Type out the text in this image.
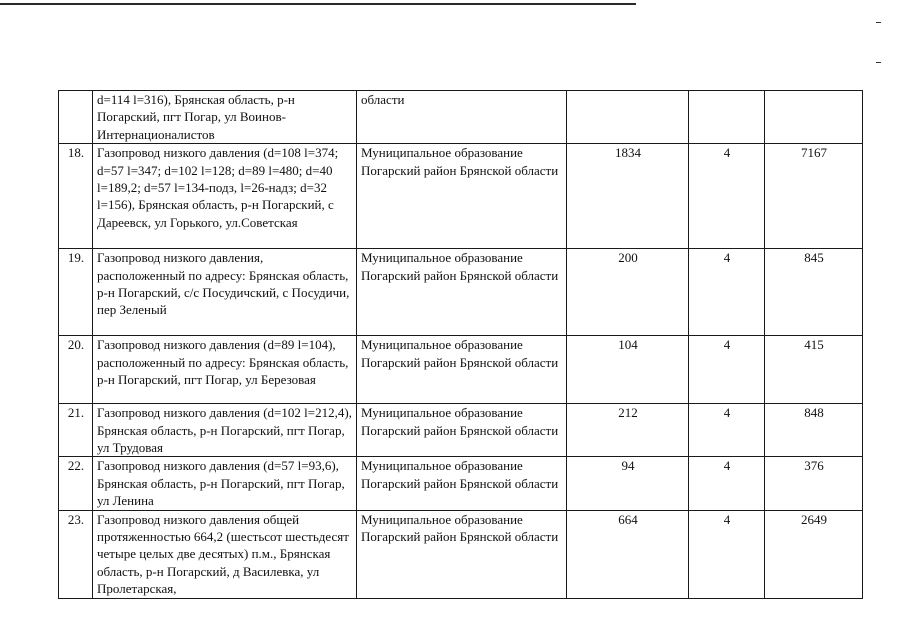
	d=114 l=316), Брянская область, р-н Погарский, пгт Погар, ул Воинов-Интернационалистов	области			
18.	Газопровод низкого давления (d=108 l=374; d=57 l=347; d=102 l=128; d=89 l=480; d=40 l=189,2; d=57 l=134-подз, l=26-надз; d=32 l=156), Брянская область, р-н Погарский, с Дареевск, ул Горького, ул.Советская	Муниципальное образование Погарский район Брянской области	1834	4	7167
19.	Газопровод низкого давления, расположенный по адресу: Брянская область, р-н Погарский, с/с Посудичский, с Посудичи, пер Зеленый	Муниципальное образование Погарский район Брянской области	200	4	845
20.	Газопровод низкого давления (d=89 l=104), расположенный по адресу: Брянская область, р-н Погарский, пгт Погар, ул Березовая	Муниципальное образование Погарский район Брянской области	104	4	415
21.	Газопровод низкого давления (d=102 l=212,4), Брянская область, р-н Погарский, пгт Погар, ул Трудовая	Муниципальное образование Погарский район Брянской области	212	4	848
22.	Газопровод низкого давления (d=57 l=93,6), Брянская область, р-н Погарский, пгт Погар, ул Ленина	Муниципальное образование Погарский район Брянской области	94	4	376
23.	Газопровод низкого давления общей протяженностью 664,2 (шестьсот шестьдесят четыре целых две десятых) п.м., Брянская область, р-н Погарский, д Василевка, ул Пролетарская,	Муниципальное образование Погарский район Брянской области	664	4	2649
